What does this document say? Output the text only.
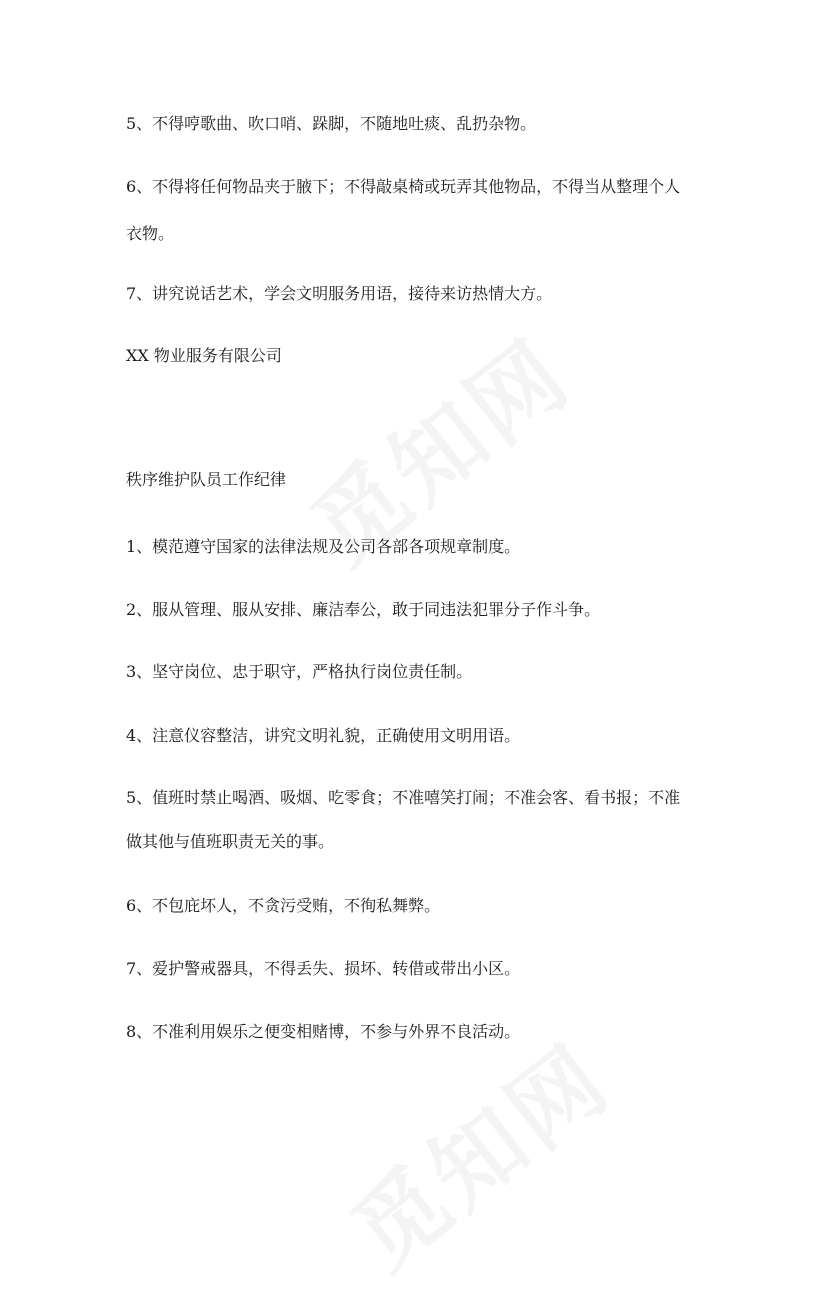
5、不得哼歌曲、吹口哨、跺脚，不随地吐痰、乱扔杂物。

6、不得将任何物品夹于腋下；不得敲桌椅或玩弄其他物品，不得当从整理个人
衣物。

7、讲究说话艺术，学会文明服务用语，接待来访热情大方。

XX 物业服务有限公司

秩序维护队员工作纪律

1、模范遵守国家的法律法规及公司各部各项规章制度。

2、服从管理、服从安排、廉洁奉公，敢于同违法犯罪分子作斗争。

3、坚守岗位、忠于职守，严格执行岗位责任制。

4、注意仪容整洁，讲究文明礼貌，正确使用文明用语。

5、值班时禁止喝酒、吸烟、吃零食；不准嘻笑打闹；不准会客、看书报；不准
做其他与值班职责无关的事。

6、不包庇坏人，不贪污受贿，不徇私舞弊。

7、爱护警戒器具，不得丢失、损坏、转借或带出小区。

8、不准利用娱乐之便变相赌博，不参与外界不良活动。
